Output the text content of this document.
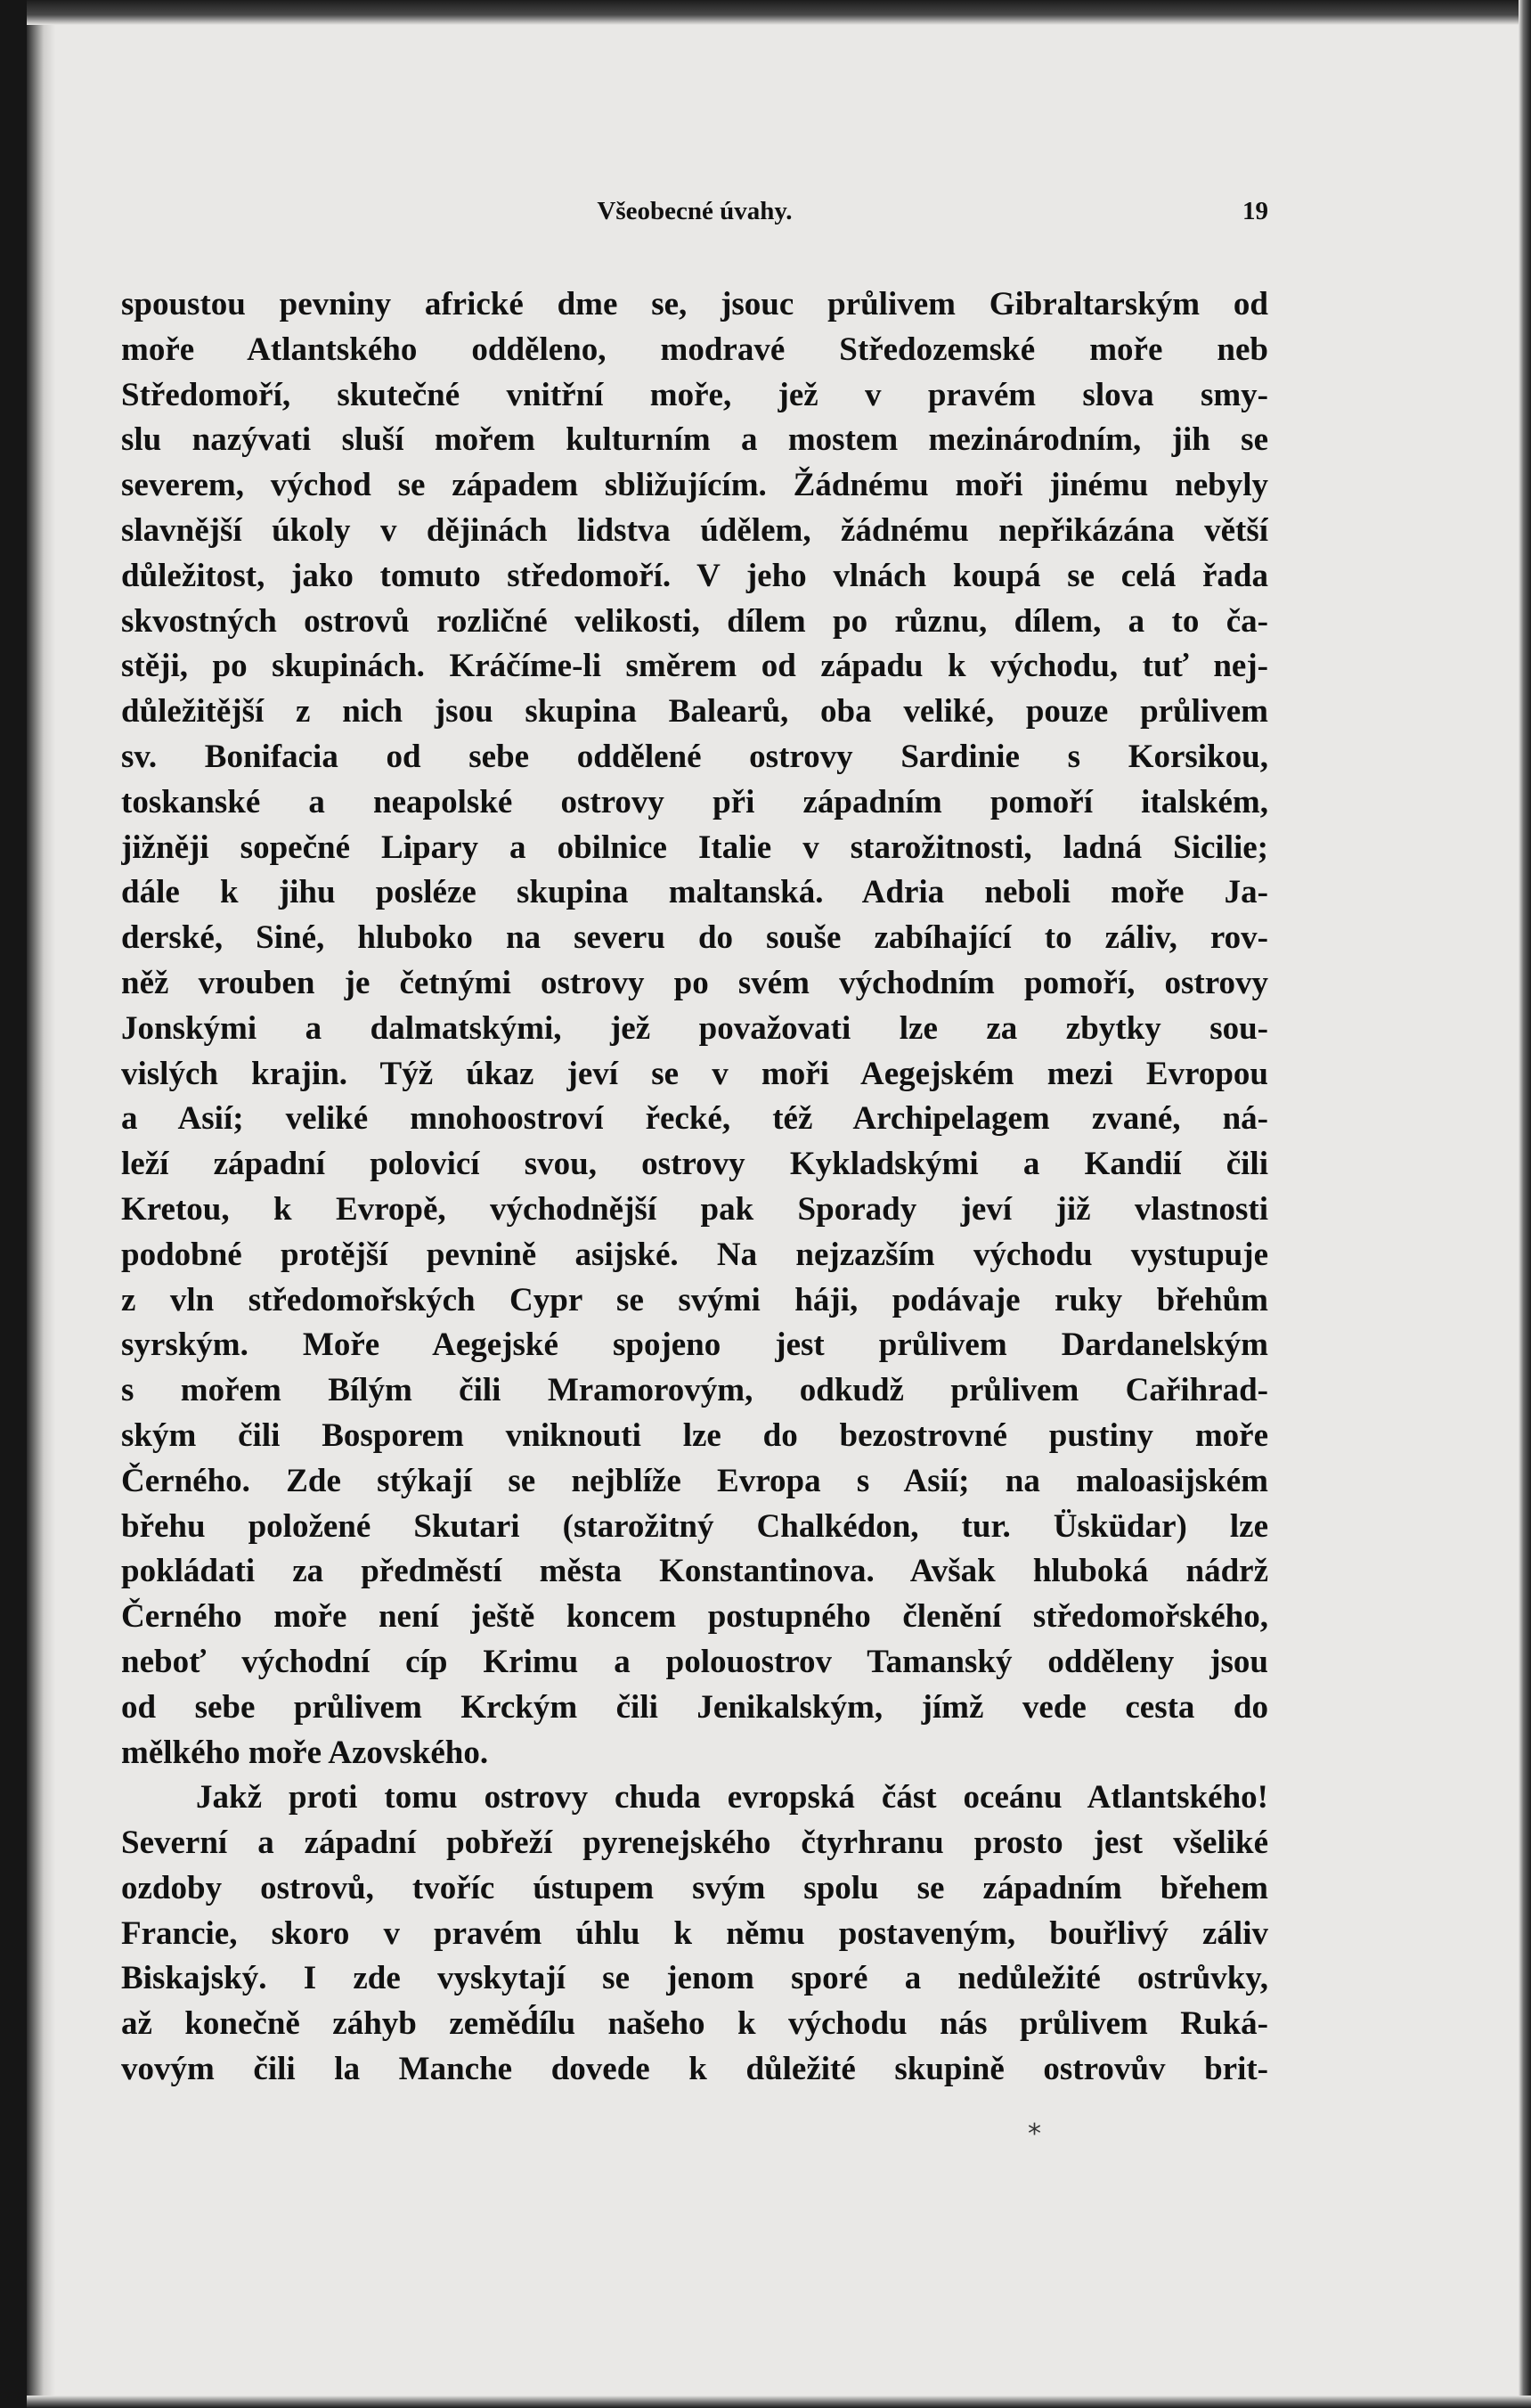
Všeobecné úvahy.	19
spoustou pevniny africké dme se, jsouc průlivem Gibraltarským od
moře Atlantského odděleno, modravé Středozemské moře neb
Středomoří, skutečné vnitřní moře, jež v pravém slova smy-
slu nazývati sluší mořem kulturním a mostem mezinárodním, jih se
severem, východ se západem sbližujícím. Žádnému moři jinému nebyly
slavnější úkoly v dějinách lidstva údělem, žádnému nepřikázána větší
důležitost, jako tomuto středomoří. V jeho vlnách koupá se celá řada
skvostných ostrovů rozličné velikosti, dílem po různu, dílem, a to ča-
stěji, po skupinách. Kráčíme-li směrem od západu k východu, tuť nej-
důležitější z nich jsou skupina Balearů, oba veliké, pouze průlivem
sv. Bonifacia od sebe oddělené ostrovy Sardinie s Korsikou,
toskanské a neapolské ostrovy při západním pomoří italském,
jižněji sopečné Lipary a obilnice Italie v starožitnosti, ladná Sicilie;
dále k jihu posléze skupina maltanská. Adria neboli moře Ja-
derské, Siné, hluboko na severu do souše zabíhající to záliv, rov-
něž vrouben je četnými ostrovy po svém východním pomoří, ostrovy
Jonskými a dalmatskými, jež považovati lze za zbytky sou-
vislých krajin. Týž úkaz jeví se v moři Aegejském mezi Evropou
a Asií; veliké mnohoostroví řecké, též Archipelagem zvané, ná-
leží západní polovicí svou, ostrovy Kykladskými a Kandií čili
Kretou, k Evropě, východnější pak Sporady jeví již vlastnosti
podobné protější pevnině asijské. Na nejzazším východu vystupuje
z vln středomořských Cypr se svými háji, podávaje ruky břehům
syrským. Moře Aegejské spojeno jest průlivem Dardanelským
s mořem Bílým čili Mramorovým, odkudž průlivem Cařihrad-
ským čili Bosporem vniknouti lze do bezostrovné pustiny moře
Černého. Zde stýkají se nejblíže Evropa s Asií; na maloasijském
břehu položené Skutari (starožitný Chalkédon, tur. Üsküdar) lze
pokládati za předměstí města Konstantinova. Avšak hluboká nádrž
Černého moře není ještě koncem postupného členění středomořského,
neboť východní cíp Krimu a polouostrov Tamanský odděleny jsou
od sebe průlivem Krckým čili Jenikalským, jímž vede cesta do
mělkého moře Azovského.
Jakž proti tomu ostrovy chuda evropská část oceánu Atlantského!
Severní a západní pobřeží pyrenejského čtyrhranu prosto jest všeliké
ozdoby ostrovů, tvoříc ústupem svým spolu se západním břehem
Francie, skoro v pravém úhlu k němu postaveným, bouřlivý záliv
Biskajský. I zde vyskytají se jenom sporé a nedůležité ostrůvky,
až konečně záhyb zeměd́ílu našeho k východu nás průlivem Ruká-
vovým čili la Manche dovede k důležité skupině ostrovův brit-
*
